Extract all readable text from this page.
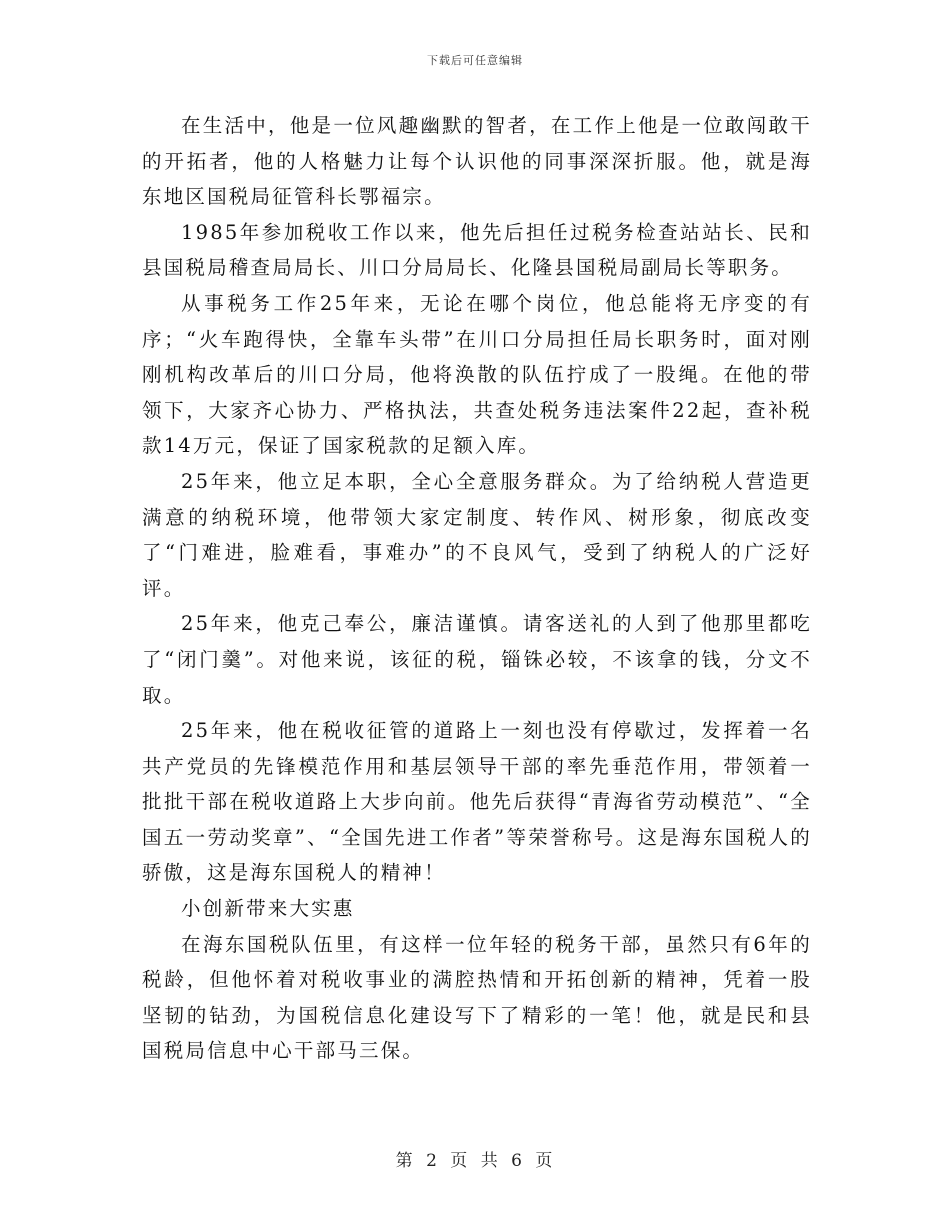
下载后可任意编辑

在生活中，他是一位风趣幽默的智者，在工作上他是一位敢闯敢干的开拓者，他的人格魅力让每个认识他的同事深深折服。他，就是海东地区国税局征管科长鄂福宗。

1985年参加税收工作以来，他先后担任过税务检查站站长、民和县国税局稽查局局长、川口分局局长、化隆县国税局副局长等职务。

从事税务工作25年来，无论在哪个岗位，他总能将无序变的有序；“火车跑得快，全靠车头带”在川口分局担任局长职务时，面对刚刚机构改革后的川口分局，他将涣散的队伍拧成了一股绳。在他的带领下，大家齐心协力、严格执法，共查处税务违法案件22起，查补税款14万元，保证了国家税款的足额入库。

25年来，他立足本职，全心全意服务群众。为了给纳税人营造更满意的纳税环境，他带领大家定制度、转作风、树形象，彻底改变了“门难进，脸难看，事难办”的不良风气，受到了纳税人的广泛好评。

25年来，他克己奉公，廉洁谨慎。请客送礼的人到了他那里都吃了“闭门羹”。对他来说，该征的税，锱铢必较，不该拿的钱，分文不取。

25年来，他在税收征管的道路上一刻也没有停歇过，发挥着一名共产党员的先锋模范作用和基层领导干部的率先垂范作用，带领着一批批干部在税收道路上大步向前。他先后获得“青海省劳动模范”、“全国五一劳动奖章”、“全国先进工作者”等荣誉称号。这是海东国税人的骄傲，这是海东国税人的精神！

小创新带来大实惠

在海东国税队伍里，有这样一位年轻的税务干部，虽然只有6年的税龄，但他怀着对税收事业的满腔热情和开拓创新的精神，凭着一股坚韧的钻劲，为国税信息化建设写下了精彩的一笔！他，就是民和县国税局信息中心干部马三保。

第 2 页 共 6 页
